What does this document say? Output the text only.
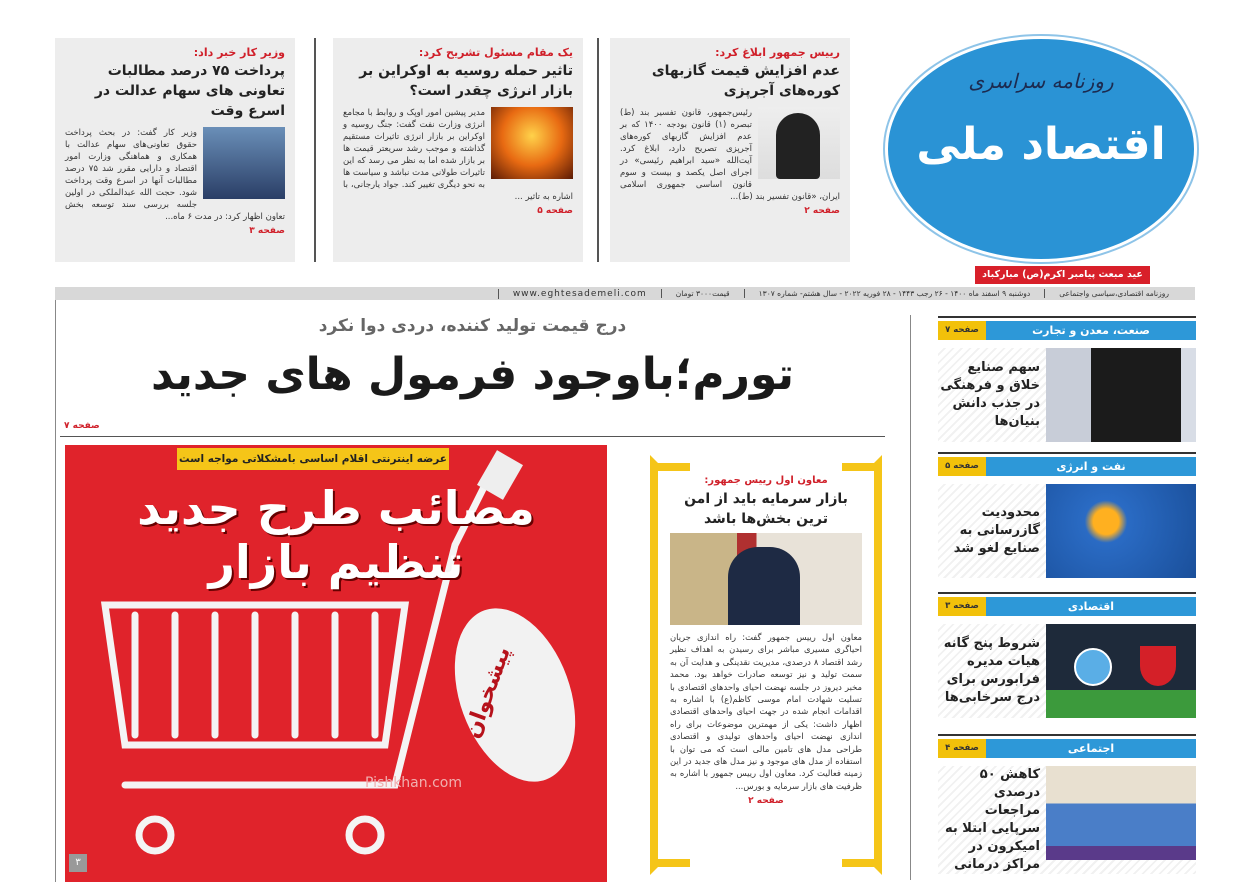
روزنامه سراسری
اقتصاد ملی
عید مبعث پیامبر اکرم(ص) مبارکباد
رییس جمهور ابلاغ کرد:
عدم افزایش قیمت گازبهای کوره‌های آجرپزی
رئیس‌جمهور، قانون تفسیر بند (ط) تبصره (۱) قانون بودجه ۱۴۰۰ که بر عدم افزایش گازبهای کوره‌های آجرپزی تصریح دارد، ابلاغ کرد. آیت‌الله «سید ابراهیم رئیسی» در اجرای اصل یکصد و بیست و سوم قانون اساسی جمهوری اسلامی ایران، «قانون تفسیر بند (ط)...
صفحه ۲
یک مقام مسئول تشریح کرد:
تاثیر حمله روسیه به اوکراین بر بازار انرژی چقدر است؟
مدیر پیشین امور اوپک و روابط با مجامع انرژی وزارت نفت گفت: جنگ روسیه و اوکراین بر بازار انرژی تاثیرات مستقیم گذاشته و موجب رشد سریعتر قیمت ها بر بازار شده اما به نظر می رسد که این تاثیرات طولانی مدت نباشد و سیاست ها به نحو دیگری تغییر کند. جواد یارجانی، با اشاره به تاثیر ...
صفحه ۵
وزیر کار خبر داد:
پرداخت ۷۵ درصد مطالبات تعاونی های سهام عدالت در اسرع وقت
وزیر کار گفت: در بحث پرداخت حقوق تعاونی‌های سهام عدالت با همکاری و هماهنگی وزارت امور اقتصاد و دارایی مقرر شد ۷۵ درصد مطالبات آنها در اسرع وقت پرداخت شود. حجت الله عبدالملکی در اولین جلسه بررسی سند توسعه بخش تعاون اظهار کرد: در مدت ۶ ماه...
صفحه ۳
روزنامه اقتصادی،سیاسی واجتماعی
دوشنبه ۹ اسفند ماه ۱۴۰۰ - ۲۶ رجب ۱۴۴۳ - ۲۸ فوریه ۲۰۲۲ - سال هشتم- شماره ۱۳۰۷
قیمت۳۰۰۰ تومان
www.eghtesademeli.com
درج قیمت تولید کننده، دردی دوا نکرد
تورم؛باوجود فرمول های جدید
صفحه ۷
عرضه اینترنتی اقلام اساسی بامشکلاتی مواجه است
مصائب طرح جدید تنظیم بازار
پیشخوان
Pishkhan.com
۳
معاون اول رییس جمهور:
بازار سرمایه باید از امن ترین بخش‌ها باشد
معاون اول رییس جمهور گفت: راه اندازی جریان احیاگری مسیری مباشر برای رسیدن به اهداف نظیر رشد اقتصاد ۸ درصدی، مدیریت نقدینگی و هدایت آن به سمت تولید و نیز توسعه صادرات خواهد بود. محمد مخبر دیروز در جلسه نهضت احیای واحدهای اقتصادی با تسلیت شهادت امام موسی کاظم(ع) با اشاره به اقدامات انجام شده در جهت احیای واحدهای اقتصادی اظهار داشت: یکی از مهمترین موضوعات برای راه اندازی نهضت احیای واحدهای تولیدی و اقتصادی طراحی مدل های تامین مالی است که می توان با استفاده از مدل های موجود و نیز مدل های جدید در این زمینه فعالیت کرد. معاون اول رییس جمهور با اشاره به ظرفیت های بازار سرمایه و بورس...
صفحه ۲
صنعت، معدن و تجارت
صفحه ۷
سهم صنایع خلاق و فرهنگی در جذب دانش بنیان‌ها
نفت و انرژی
صفحه ۵
محدودیت گازرسانی به صنایع لغو شد
اقتصادی
صفحه ۳
شروط پنج گانه هیات مدیره فرابورس برای درج سرخابی‌ها
اجتماعی
صفحه ۴
کاهش ۵۰ درصدی مراجعات سرپایی ابتلا به امیکرون در مراکز درمانی
